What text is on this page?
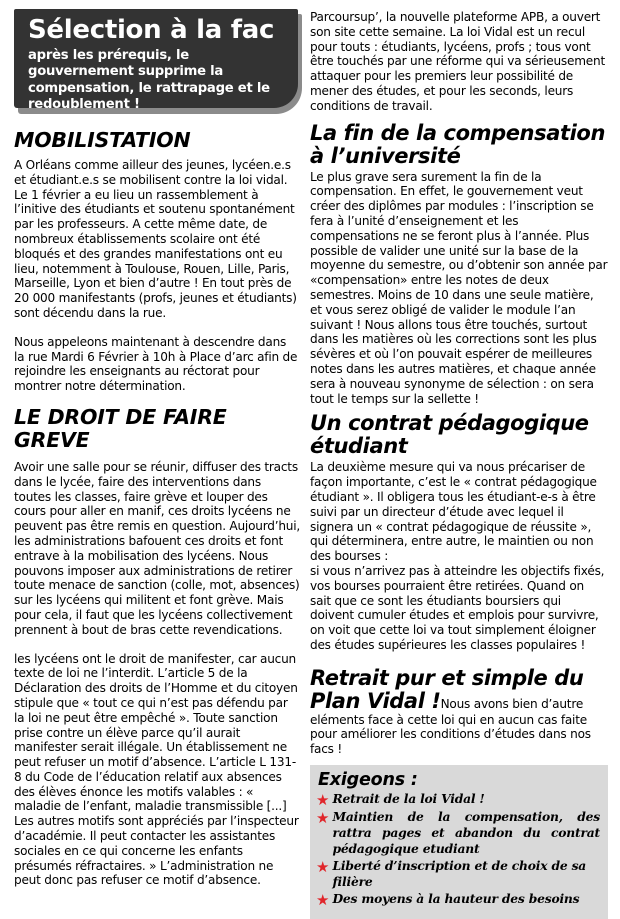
Sélection à la fac
après les prérequis, le gouvernement supprime la compensation, le rattrapage et le redoublement !
MOBILISTATION

A Orléans comme ailleur des jeunes, lycéen.e.s et étudiant.e.s se mobilisent contre la loi vidal. Le 1 février a eu lieu un rassemblement à l’initive des étudiants et soutenu spontanément par les professeurs. A cette même date, de nombreux établissements scolaire ont été bloqués et des grandes manifestations ont eu lieu, notemment à Toulouse, Rouen, Lille, Paris, Marseille, Lyon et bien d’autre ! En tout près de 20 000 manifestants (profs, jeunes et étudiants) sont décendu dans la rue.

Nous appeleons maintenant à descendre dans la rue Mardi 6 Février à 10h à Place d’arc afin de rejoindre les enseignants au réctorat pour montrer notre détermination.

LE DROIT DE FAIRE GREVE

Avoir une salle pour se réunir, diffuser des tracts dans le lycée, faire des interventions dans toutes les classes, faire grève et louper des cours pour aller en manif, ces droits lycéens ne peuvent pas être remis en question. Aujourd’hui, les administrations bafouent ces droits et font entrave à la mobilisation des lycéens. Nous pouvons imposer aux administrations de retirer toute menace de sanction (colle, mot, absences) sur les lycéens qui militent et font grève. Mais pour cela, il faut que les lycéens collectivement prennent à bout de bras cette revendications.

les lycéens ont le droit de manifester, car aucun texte de loi ne l’interdit. L’article 5 de la Déclaration des droits de l’Homme et du citoyen stipule que « tout ce qui n’est pas défendu par la loi ne peut être empêché ». Toute sanction prise contre un élève parce qu’il aurait manifester serait illégale. Un établissement ne peut refuser un motif d’absence. L’article L 131-8 du Code de l’éducation relatif aux absences des élèves énonce les motifs valables : « maladie de l’enfant, maladie transmissible [...] Les autres motifs sont appréciés par l’inspecteur d’académie. Il peut contacter les assistantes sociales en ce qui concerne les enfants présumés réfractaires. » L’administration ne peut donc pas refuser ce motif d’absence.

Parcoursup’, la nouvelle plateforme APB, a ouvert son site cette semaine. La loi Vidal est un recul pour touts : étudiants, lycéens, profs ; tous vont être touchés par une réforme qui va sérieusement attaquer pour les premiers leur possibilité de mener des études, et pour les seconds, leurs conditions de travail.

La fin de la compensation à l’université

Le plus grave sera surement la fin de la compensation. En effet, le gouvernement veut créer des diplômes par modules : l’inscription se fera à l’unité d’enseignement et les compensations ne se feront plus à l’année. Plus possible de valider une unité sur la base de la moyenne du semestre, ou d’obtenir son année par «compensation» entre les notes de deux semestres. Moins de 10 dans une seule matière, et vous serez obligé de valider le module l’an suivant ! Nous allons tous être touchés, surtout dans les matières où les corrections sont les plus sévères et où l’on pouvait espérer de meilleures notes dans les autres matières, et chaque année sera à nouveau synonyme de sélection : on sera tout le temps sur la sellette !

Un contrat pédagogique étudiant

La deuxième mesure qui va nous précariser de façon importante, c’est le « contrat pédagogique étudiant ». Il obligera tous les étudiant-e-s à être suivi par un directeur d’étude avec lequel il signera un « contrat pédagogique de réussite », qui déterminera, entre autre, le maintien ou non des bourses :

si vous n’arrivez pas à atteindre les objectifs fixés, vos bourses pourraient être retirées. Quand on sait que ce sont les étudiants boursiers qui doivent cumuler études et emplois pour survivre, on voit que cette loi va tout simplement éloigner des études supérieures les classes populaires !

Retrait pur et simple du Plan Vidal !Nous avons bien d’autre eléments face à cette loi qui en aucun cas faite pour améliorer les conditions d’études dans nos facs !

Exigeons :
★ Retrait de la loi Vidal !
★ Maintien de la compensation, des rattra pages et abandon du contrat pédagogique etudiant
★ Liberté d’inscription et de choix de sa filière
★ Des moyens à la hauteur des besoins
